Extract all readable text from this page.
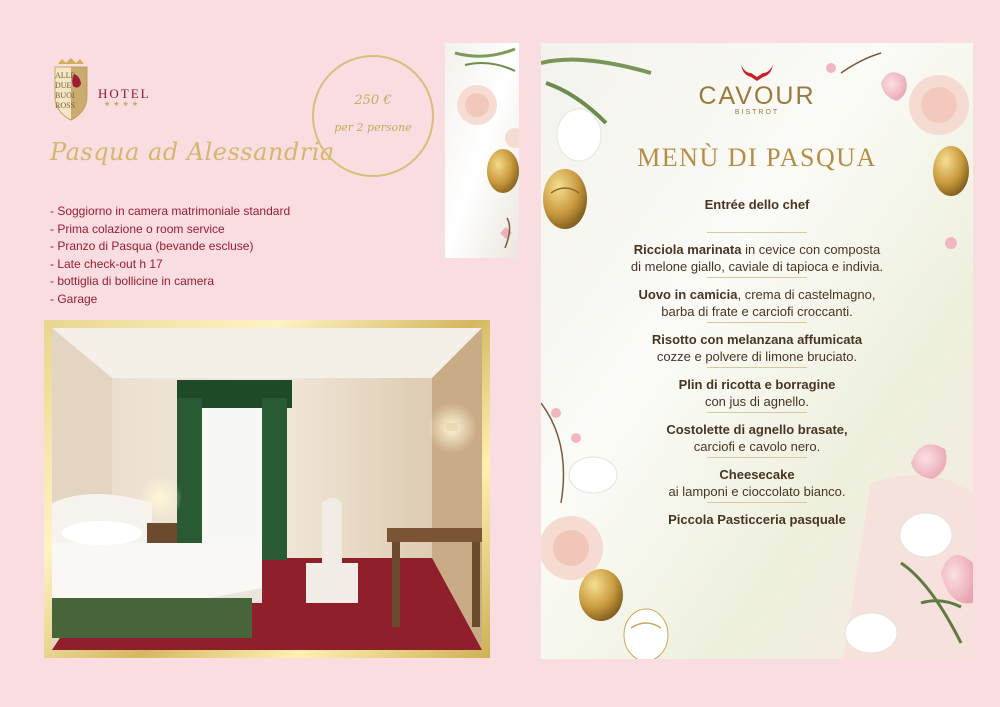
ALLE
DUE
BUOI
ROSS
HOTEL
★★★★
Pasqua ad Alessandria
250 €
per 2 persone
- Soggiorno in camera matrimoniale standard
- Prima colazione o room service
- Pranzo di Pasqua (bevande escluse)
- Late check-out h 17
- bottiglia di bollicine in camera
- Garage
CAVOUR
BISTROT
MENÙ DI PASQUA
Entrée dello chef
Ricciola marinata in cevice con composta
di melone giallo, caviale di tapioca e indivia.
Uovo in camicia, crema di castelmagno,
barba di frate e carciofi croccanti.
Risotto con melanzana affumicata
cozze e polvere di limone bruciato.
Plin di ricotta e borragine
con jus di agnello.
Costolette di agnello brasate,
carciofi e cavolo nero.
Cheesecake
ai lamponi e cioccolato bianco.
Piccola Pasticceria pasquale
